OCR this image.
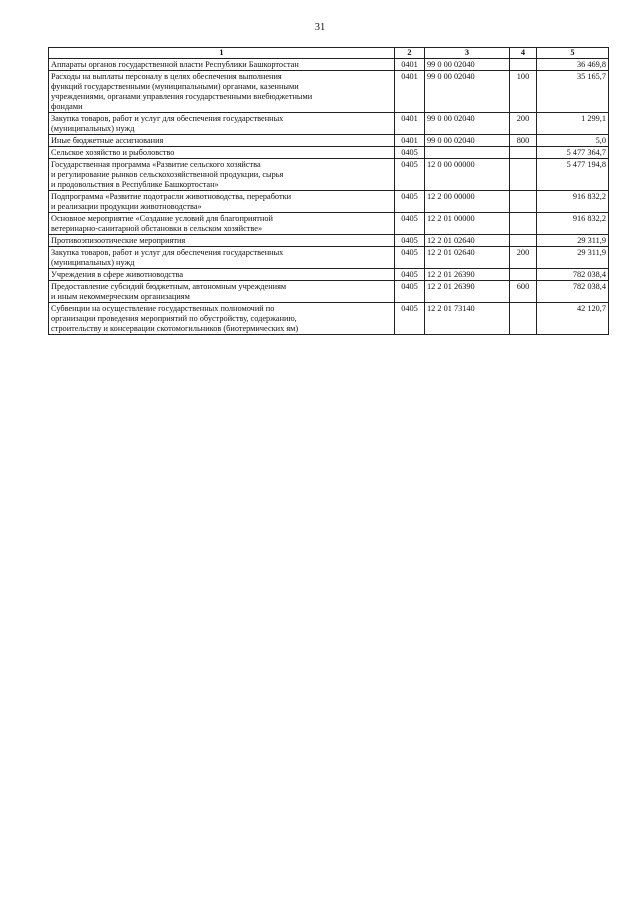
31
1	2	3	4	5
Аппараты органов государственной власти Республики Башкортостан	0401	99 0 00 02040		36 469,8
Расходы на выплаты персоналу в целях обеспечения выполнения
функций государственными (муниципальными) органами, казенными
учреждениями, органами управления государственными внебюджетными
фондами	0401	99 0 00 02040	100	35 165,7
Закупка товаров, работ и услуг для обеспечения государственных
(муниципальных) нужд	0401	99 0 00 02040	200	1 299,1
Иные бюджетные ассигнования	0401	99 0 00 02040	800	5,0
Сельское хозяйство и рыболовство	0405			5 477 364,7
Государственная программа «Развитие сельского хозяйства
и регулирование рынков сельскохозяйственной продукции, сырья
и продовольствия в Республике Башкортостан»	0405	12 0 00 00000		5 477 194,8
Подпрограмма «Развитие подотрасли животноводства, переработки
и реализации продукции животноводства»	0405	12 2 00 00000		916 832,2
Основное мероприятие «Создание условий для благоприятной
ветеринарно-санитарной обстановки в сельском хозяйстве»	0405	12 2 01 00000		916 832,2
Противоэпизоотические мероприятия	0405	12 2 01 02640		29 311,9
Закупка товаров, работ и услуг для обеспечения государственных
(муниципальных) нужд	0405	12 2 01 02640	200	29 311,9
Учреждения в сфере животноводства	0405	12 2 01 26390		782 038,4
Предоставление субсидий бюджетным, автономным учреждениям
и иным некоммерческим организациям	0405	12 2 01 26390	600	782 038,4
Субвенции на осуществление государственных полномочий по
организации проведения мероприятий по обустройству, содержанию,
строительству и консервации скотомогильников (биотермических ям)	0405	12 2 01 73140		42 120,7
